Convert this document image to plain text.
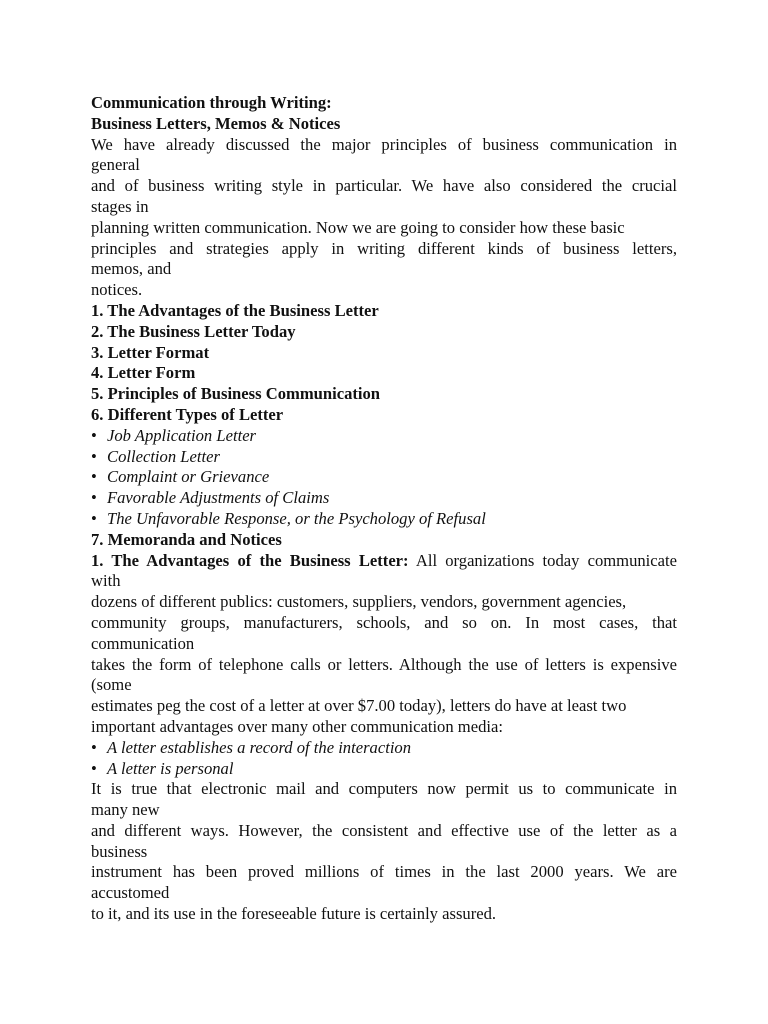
Communication through Writing:
Business Letters, Memos & Notices
We have already discussed the major principles of business communication in
general
and of business writing style in particular. We have also considered the crucial
stages in
planning written communication. Now we are going to consider how these basic
principles and strategies apply in writing different kinds of business letters,
memos, and
notices.
1. The Advantages of the Business Letter
2. The Business Letter Today
3. Letter Format
4. Letter Form
5. Principles of Business Communication
6. Different Types of Letter
• Job Application Letter
• Collection Letter
• Complaint or Grievance
• Favorable Adjustments of Claims
• The Unfavorable Response, or the Psychology of Refusal
7. Memoranda and Notices
1. The Advantages of the Business Letter: All organizations today communicate
with
dozens of different publics: customers, suppliers, vendors, government agencies,
community groups, manufacturers, schools, and so on. In most cases, that
communication
takes the form of telephone calls or letters. Although the use of letters is expensive
(some
estimates peg the cost of a letter at over $7.00 today), letters do have at least two
important advantages over many other communication media:
• A letter establishes a record of the interaction
• A letter is personal
It is true that electronic mail and computers now permit us to communicate in
many new
and different ways. However, the consistent and effective use of the letter as a
business
instrument has been proved millions of times in the last 2000 years. We are
accustomed
to it, and its use in the foreseeable future is certainly assured.
